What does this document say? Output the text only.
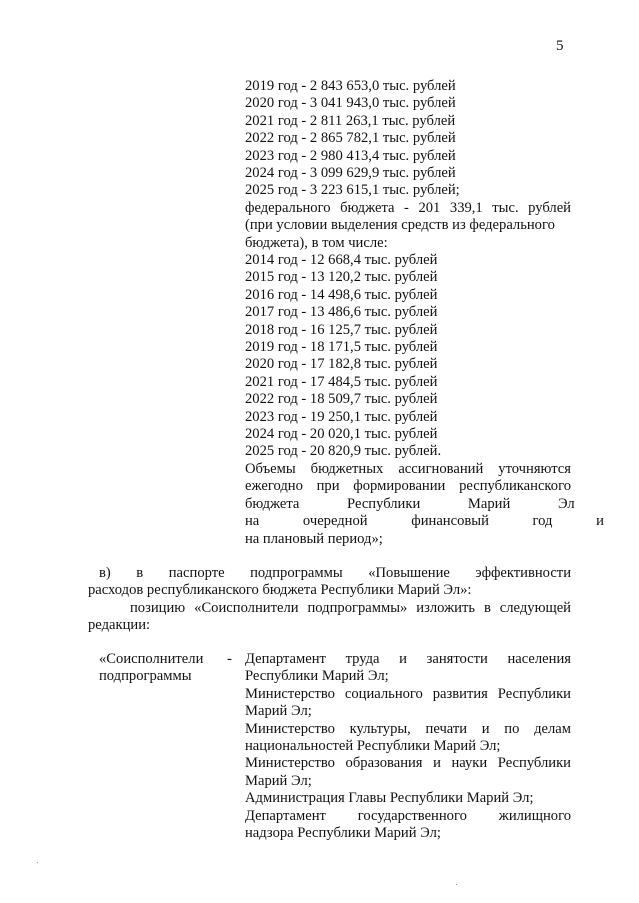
5
2019 год - 2 843 653,0 тыс. рублей
2020 год - 3 041 943,0 тыс. рублей
2021 год - 2 811 263,1 тыс. рублей
2022 год - 2 865 782,1 тыс. рублей
2023 год - 2 980 413,4 тыс. рублей
2024 год - 3 099 629,9 тыс. рублей
2025 год - 3 223 615,1 тыс. рублей;
федерального бюджета - 201 339,1 тыс. рублей
(при условии выделения средств из федерального
бюджета), в том числе:
2014 год - 12 668,4 тыс. рублей
2015 год - 13 120,2 тыс. рублей
2016 год - 14 498,6 тыс. рублей
2017 год - 13 486,6 тыс. рублей
2018 год - 16 125,7 тыс. рублей
2019 год - 18 171,5 тыс. рублей
2020 год - 17 182,8 тыс. рублей
2021 год - 17 484,5 тыс. рублей
2022 год - 18 509,7 тыс. рублей
2023 год - 19 250,1 тыс. рублей
2024 год - 20 020,1 тыс. рублей
2025 год - 20 820,9 тыс. рублей.
Объемы бюджетных ассигнований уточняются
ежегодно при формировании республиканского
бюджета Республики Марий Эл
на очередной финансовый год и
на плановый период»;
в) в паспорте подпрограммы «Повышение эффективности
расходов республиканского бюджета Республики Марий Эл»:
позицию «Соисполнители подпрограммы» изложить в следующей
редакции:
«Соисполнители -
подпрограммы
Департамент труда и занятости населения
Республики Марий Эл;
Министерство социального развития Республики
Марий Эл;
Министерство культуры, печати и по делам
национальностей Республики Марий Эл;
Министерство образования и науки Республики
Марий Эл;
Администрация Главы Республики Марий Эл;
Департамент государственного жилищного
надзора Республики Марий Эл;
